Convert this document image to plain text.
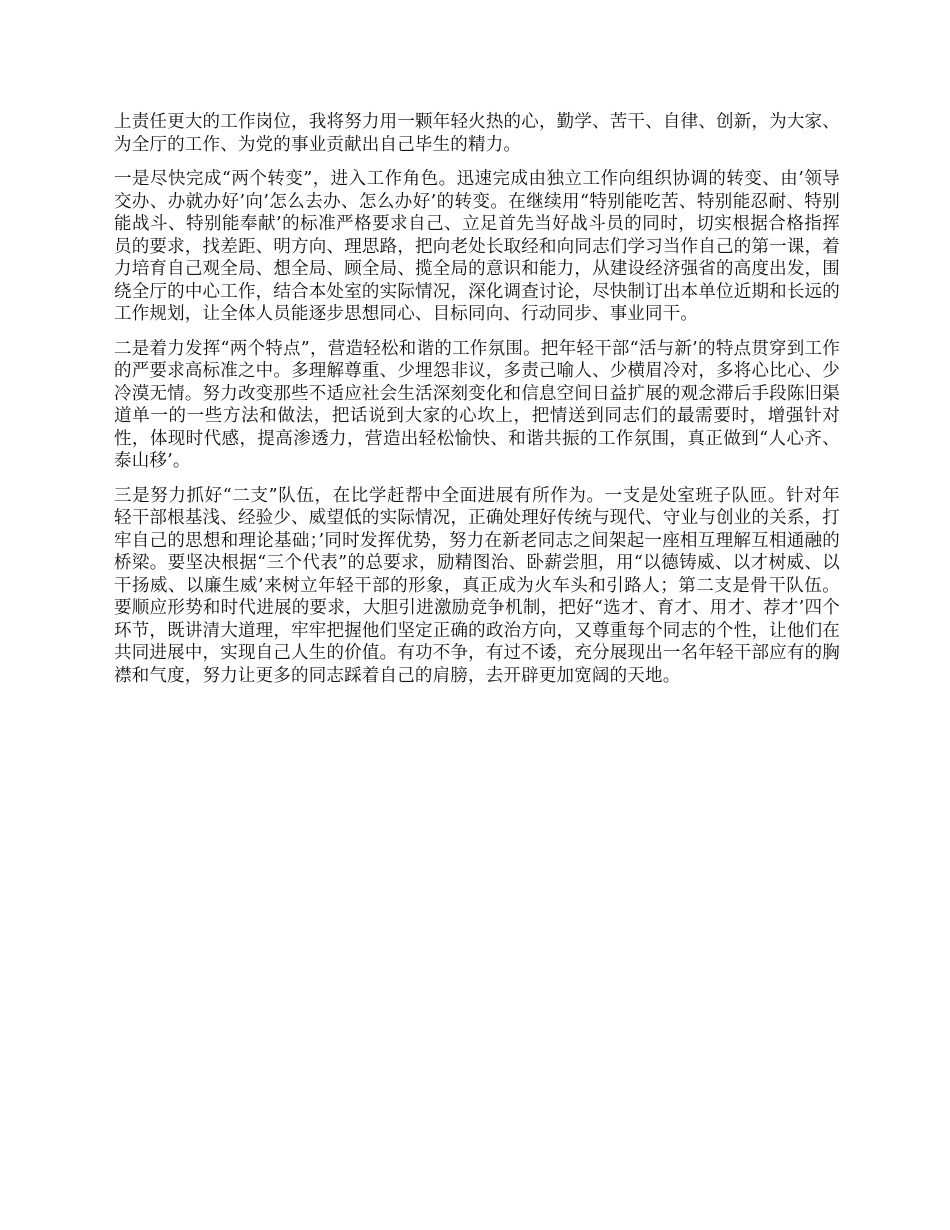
上责任更大的工作岗位，我将努力用一颗年轻火热的心，勤学、苦干、自律、创新，为大家、为全厅的工作、为党的事业贡献出自己毕生的精力。

一是尽快完成“两个转变”，进入工作角色。迅速完成由独立工作向组织协调的转变、由’领导交办、办就办好’向’怎么去办、怎么办好’的转变。在继续用“特别能吃苦、特别能忍耐、特别能战斗、特别能奉献’的标准严格要求自己、立足首先当好战斗员的同时，切实根据合格指挥员的要求，找差距、明方向、理思路，把向老处长取经和向同志们学习当作自己的第一课，着力培育自己观全局、想全局、顾全局、揽全局的意识和能力，从建设经济强省的高度出发，围绕全厅的中心工作，结合本处室的实际情况，深化调查讨论，尽快制订出本单位近期和长远的工作规划，让全体人员能逐步思想同心、目标同向、行动同步、事业同干。

二是着力发挥“两个特点”，营造轻松和谐的工作氛围。把年轻干部“活与新’的特点贯穿到工作的严要求高标准之中。多理解尊重、少埋怨非议，多责己喻人、少横眉冷对，多将心比心、少冷漠无情。努力改变那些不适应社会生活深刻变化和信息空间日益扩展的观念滞后手段陈旧渠道单一的一些方法和做法，把话说到大家的心坎上，把情送到同志们的最需要时，增强针对性，体现时代感，提高渗透力，营造出轻松愉快、和谐共振的工作氛围，真正做到“人心齐、泰山移’。

三是努力抓好“二支”队伍，在比学赶帮中全面进展有所作为。一支是处室班子队匝。针对年轻干部根基浅、经验少、威望低的实际情况，正确处理好传统与现代、守业与创业的关系，打牢自己的思想和理论基础；’同时发挥优势，努力在新老同志之间架起一座相互理解互相通融的桥梁。要坚决根据“三个代表”的总要求，励精图治、卧薪尝胆，用“以德铸威、以才树威、以干扬威、以廉生威’来树立年轻干部的形象，真正成为火车头和引路人；第二支是骨干队伍。要顺应形势和时代进展的要求，大胆引进激励竞争机制，把好“选才、育才、用才、荐才’四个环节，既讲清大道理，牢牢把握他们坚定正确的政治方向，又尊重每个同志的个性，让他们在共同进展中，实现自己人生的价值。有功不争，有过不诿，充分展现出一名年轻干部应有的胸襟和气度，努力让更多的同志踩着自己的肩膀，去开辟更加宽阔的天地。
